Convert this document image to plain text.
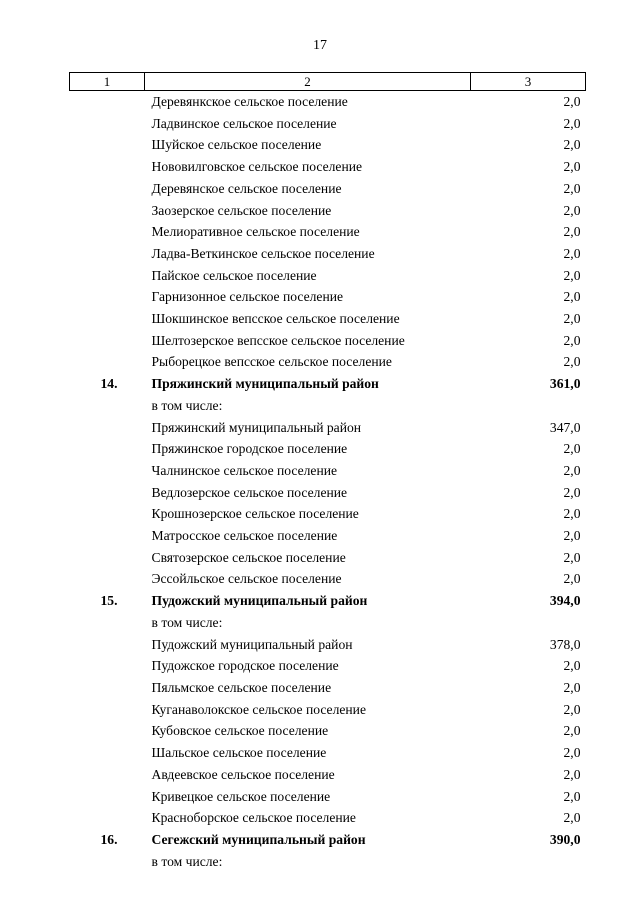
17
1	2	3
	Деревянкское сельское поселение	2,0
	Ладвинское сельское поселение	2,0
	Шуйское сельское поселение	2,0
	Нововилговское сельское поселение	2,0
	Деревянское сельское поселение	2,0
	Заозерское сельское поселение	2,0
	Мелиоративное сельское поселение	2,0
	Ладва-Веткинское сельское поселение	2,0
	Пайское сельское поселение	2,0
	Гарнизонное сельское поселение	2,0
	Шокшинское вепсское сельское поселение	2,0
	Шелтозерское вепсское сельское поселение	2,0
	Рыборецкое вепсское сельское поселение	2,0
14.	Пряжинский муниципальный район	361,0
	в том числе:	
	Пряжинский муниципальный район	347,0
	Пряжинское городское поселение	2,0
	Чалнинское сельское поселение	2,0
	Ведлозерское сельское поселение	2,0
	Крошнозерское сельское поселение	2,0
	Матросское сельское поселение	2,0
	Святозерское сельское поселение	2,0
	Эссойльское сельское поселение	2,0
15.	Пудожский муниципальный район	394,0
	в том числе:	
	Пудожский муниципальный район	378,0
	Пудожское городское поселение	2,0
	Пяльмское сельское поселение	2,0
	Куганаволокское сельское поселение	2,0
	Кубовское сельское поселение	2,0
	Шальское сельское поселение	2,0
	Авдеевское сельское поселение	2,0
	Кривецкое сельское поселение	2,0
	Красноборское сельское поселение	2,0
16.	Сегежский муниципальный район	390,0
	в том числе:	
